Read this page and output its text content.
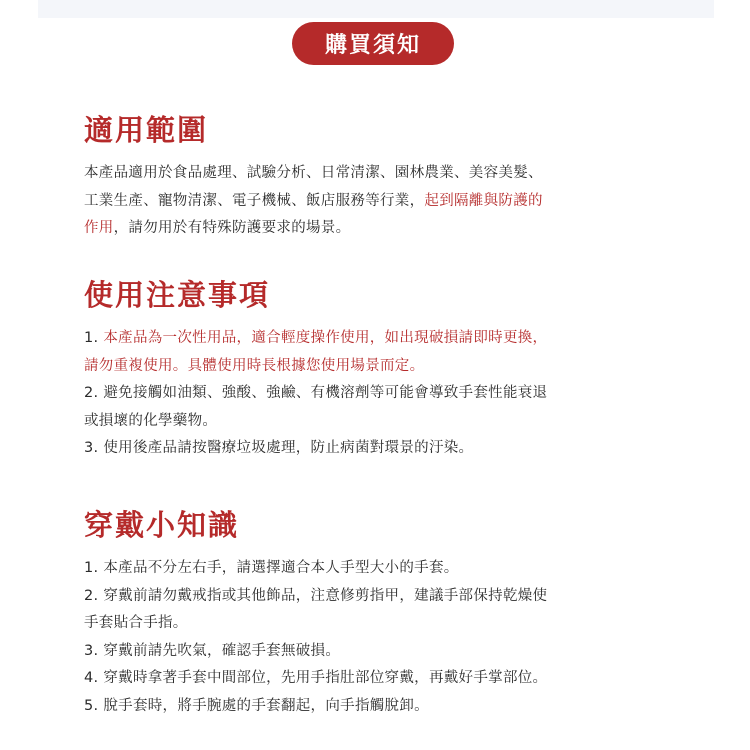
購買須知
適用範圍

本產品適用於食品處理、試驗分析、日常清潔、園林農業、美容美髮、
工業生產、寵物清潔、電子機械、飯店服務等行業，起到隔離與防護的
作用，請勿用於有特殊防護要求的場景。

使用注意事項

1. 本產品為一次性用品，適合輕度操作使用，如出現破損請即時更換，
請勿重複使用。具體使用時長根據您使用場景而定。
2. 避免接觸如油類、強酸、強鹼、有機溶劑等可能會導致手套性能衰退
或損壞的化學藥物。
3. 使用後產品請按醫療垃圾處理，防止病菌對環景的汙染。

穿戴小知識

1. 本產品不分左右手，請選擇適合本人手型大小的手套。
2. 穿戴前請勿戴戒指或其他飾品，注意修剪指甲，建議手部保持乾燥使
手套貼合手指。
3. 穿戴前請先吹氣，確認手套無破損。
4. 穿戴時拿著手套中間部位，先用手指肚部位穿戴，再戴好手掌部位。
5. 脫手套時，將手腕處的手套翻起，向手指觸脫卸。
